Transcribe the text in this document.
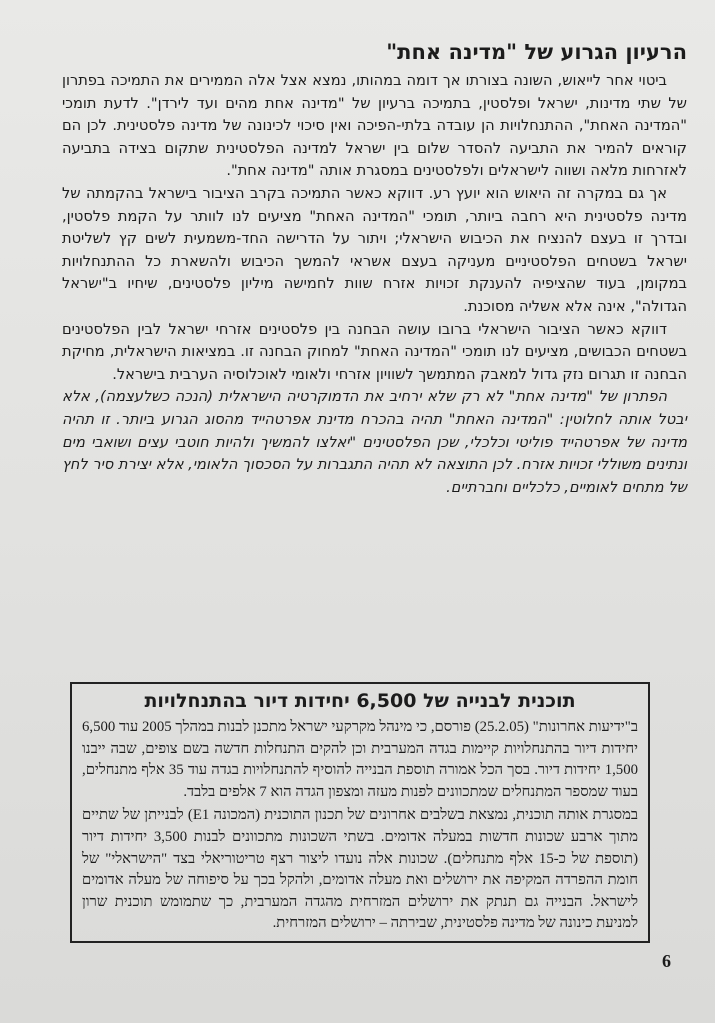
הרעיון הגרוע של "מדינה אחת"

ביטוי אחר לייאוש, השונה בצורתו אך דומה במהותו, נמצא אצל אלה הממירים את התמיכה בפתרון של שתי מדינות, ישראל ופלסטין, בתמיכה ברעיון של "מדינה אחת מהים ועד לירדן". לדעת תומכי "המדינה האחת", ההתנחלויות הן עובדה בלתי-הפיכה ואין סיכוי לכינונה של מדינה פלסטינית. לכן הם קוראים להמיר את התביעה להסדר שלום בין ישראל למדינה הפלסטינית שתקום בצידה בתביעה לאזרחות מלאה ושווה לישראלים ולפלסטינים במסגרת אותה "מדינה אחת".

אך גם במקרה זה היאוש הוא יועץ רע. דווקא כאשר התמיכה בקרב הציבור בישראל בהקמתה של מדינה פלסטינית היא רחבה ביותר, תומכי "המדינה האחת" מציעים לנו לוותר על הקמת פלסטין, ובדרך זו בעצם להנציח את הכיבוש הישראלי; ויתור על הדרישה החד-משמעית לשים קץ לשליטת ישראל בשטחים הפלסטיניים מעניקה בעצם אשראי להמשך הכיבוש ולהשארת כל ההתנחלויות במקומן, בעוד שהציפיה להענקת זכויות אזרח שוות לחמישה מיליון פלסטינים, שיחיו ב"ישראל הגדולה", אינה אלא אשליה מסוכנת.

דווקא כאשר הציבור הישראלי ברובו עושה הבחנה בין פלסטינים אזרחי ישראל לבין הפלסטינים בשטחים הכבושים, מציעים לנו תומכי "המדינה האחת" למחוק הבחנה זו. במציאות הישראלית, מחיקת הבחנה זו תגרום נזק גדול למאבק המתמשך לשוויון אזרחי ולאומי לאוכלוסיה הערבית בישראל.

הפתרון של "מדינה אחת" לא רק שלא ירחיב את הדמוקרטיה הישראלית (הנכה כשלעצמה), אלא יבטל אותה לחלוטין: "המדינה האחת" תהיה בהכרח מדינת אפרטהייד מהסוג הגרוע ביותר. זו תהיה מדינה של אפרטהייד פוליטי וכלכלי, שכן הפלסטינים "יאלצו להמשיך ולהיות חוטבי עצים ושואבי מים ונתינים משוללי זכויות אזרח. לכן התוצאה לא תהיה התגברות על הסכסוך הלאומי, אלא יצירת סיר לחץ של מתחים לאומיים, כלכליים וחברתיים.

תוכנית לבנייה של 6,500 יחידות דיור בהתנחלויות

ב"ידיעות אחרונות" (25.2.05) פורסם, כי מינהל מקרקעי ישראל מתכנן לבנות במהלך 2005 עוד 6,500 יחידות דיור בהתנחלויות קיימות בגדה המערבית וכן להקים התנחלות חדשה בשם צופים, שבה ייבנו 1,500 יחידות דיור. בסך הכל אמורה תוספת הבנייה להוסיף להתנחלויות בגדה עוד 35 אלף מתנחלים, בעוד שמספר המתנחלים שמתכוונים לפנות מעזה ומצפון הגדה הוא 7 אלפים בלבד.

במסגרת אותה תוכנית, נמצאת בשלבים אחרונים של תכנון התוכנית (המכונה E1) לבנייתן של שתיים מתוך ארבע שכונות חדשות במעלה אדומים. בשתי השכונות מתכוונים לבנות 3,500 יחידות דיור (תוספת של כ-15 אלף מתנחלים). שכונות אלה נועדו ליצור רצף טריטוריאלי בצד "הישראלי" של חומת ההפרדה המקיפה את ירושלים ואת מעלה אדומים, ולהקל בכך על סיפוחה של מעלה אדומים לישראל. הבנייה גם תנתק את ירושלים המזרחית מהגדה המערבית, כך שתמומש תוכנית שרון למניעת כינונה של מדינה פלסטינית, שבירתה – ירושלים המזרחית.

6
